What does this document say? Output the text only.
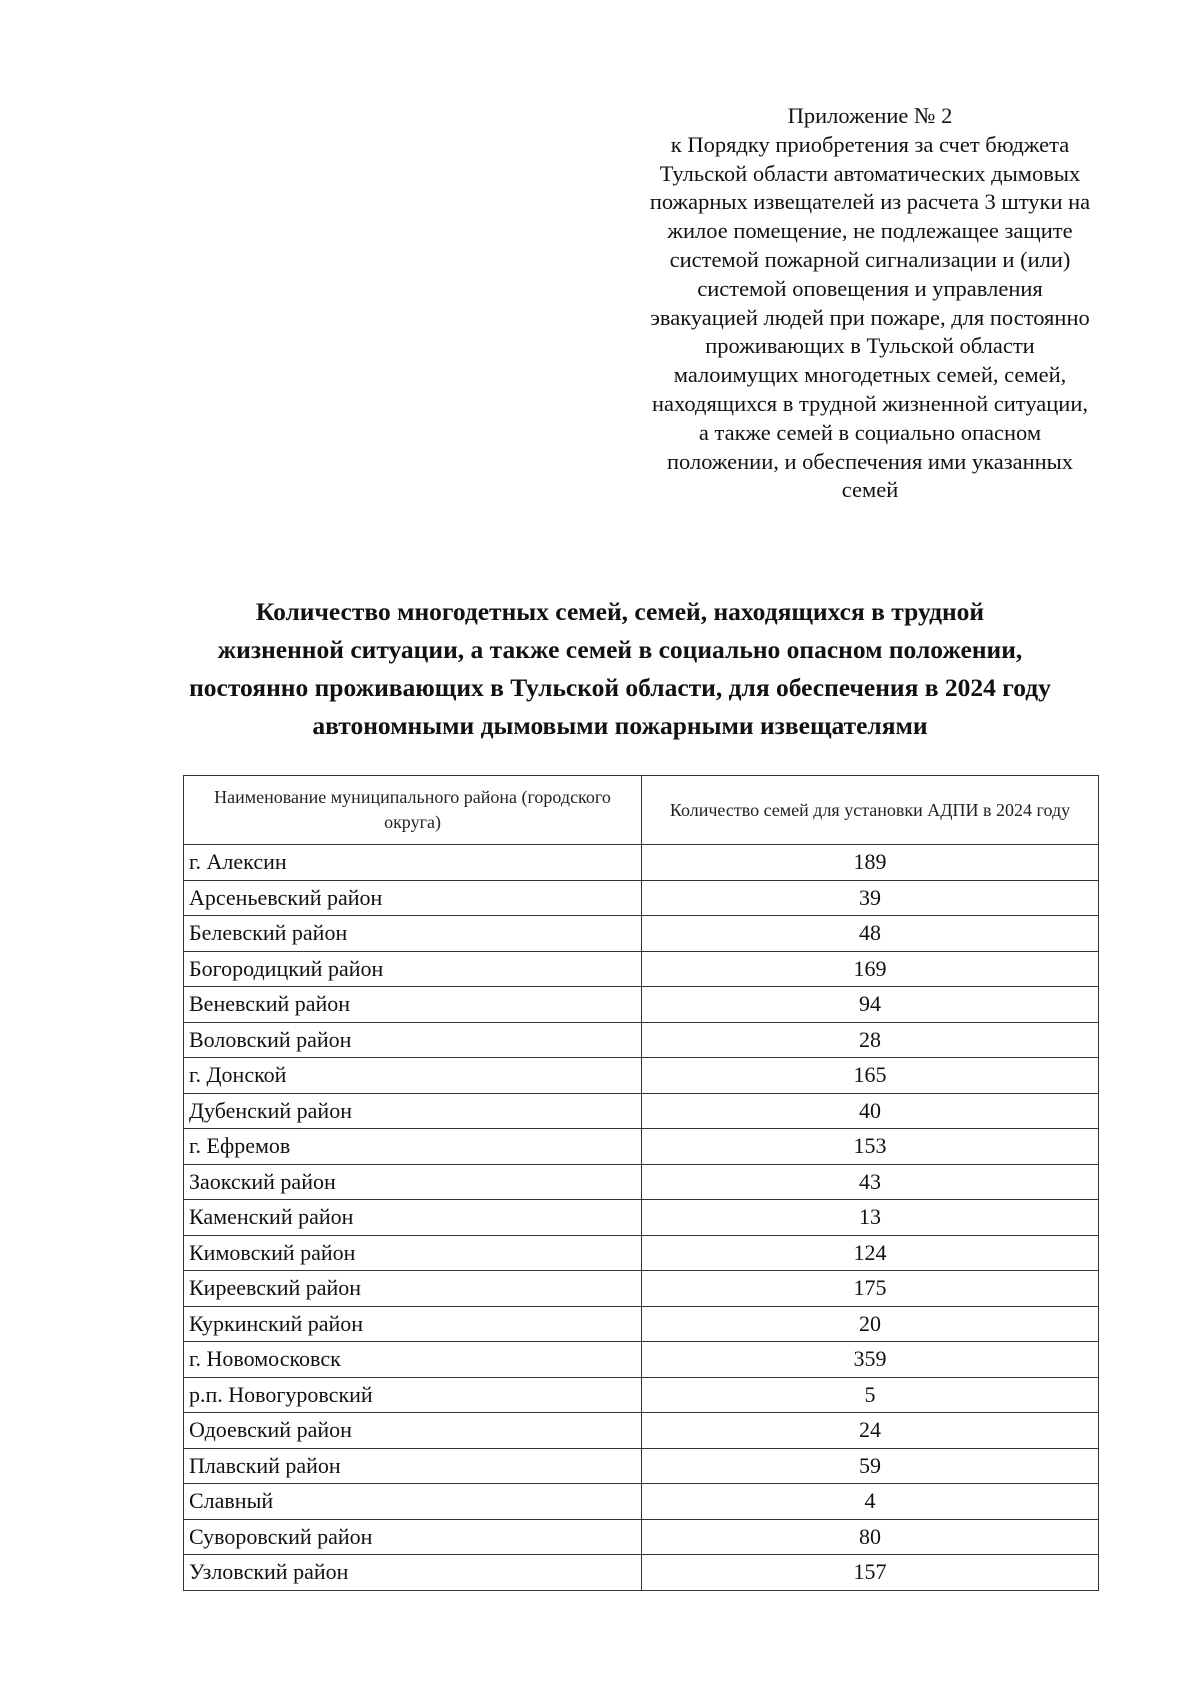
Приложение № 2
к Порядку приобретения за счет бюджета
Тульской области автоматических дымовых
пожарных извещателей из расчета 3 штуки на
жилое помещение, не подлежащее защите
системой пожарной сигнализации и (или)
системой оповещения и управления
эвакуацией людей при пожаре, для постоянно
проживающих в Тульской области
малоимущих многодетных семей, семей,
находящихся в трудной жизненной ситуации,
а также семей в социально опасном
положении, и обеспечения ими указанных
семей
Количество многодетных семей, семей, находящихся в трудной
жизненной ситуации, а также семей в социально опасном положении,
постоянно проживающих в Тульской области, для обеспечения в 2024 году
автономными дымовыми пожарными извещателями
Наименование муниципального района (городского округа)	Количество семей для установки АДПИ в 2024 году
г. Алексин	189
Арсеньевский район	39
Белевский район	48
Богородицкий район	169
Веневский район	94
Воловский район	28
г. Донской	165
Дубенский район	40
г. Ефремов	153
Заокский район	43
Каменский район	13
Кимовский район	124
Киреевский район	175
Куркинский район	20
г. Новомосковск	359
р.п. Новогуровский	5
Одоевский район	24
Плавский район	59
Славный	4
Суворовский район	80
Узловский район	157
